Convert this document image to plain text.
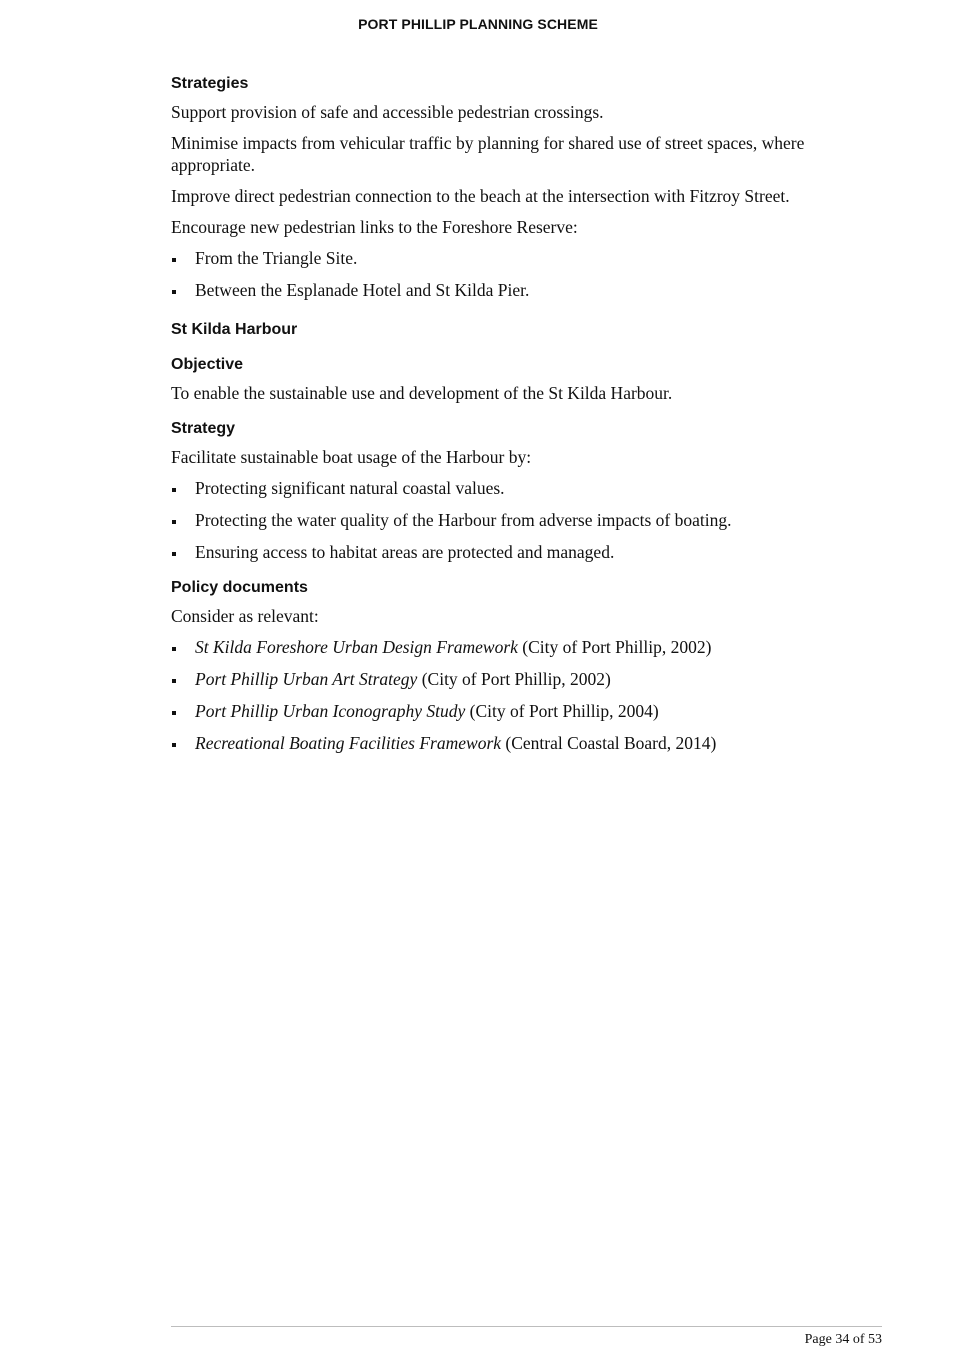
PORT PHILLIP PLANNING SCHEME
Strategies
Support provision of safe and accessible pedestrian crossings.
Minimise impacts from vehicular traffic by planning for shared use of street spaces, where appropriate.
Improve direct pedestrian connection to the beach at the intersection with Fitzroy Street.
Encourage new pedestrian links to the Foreshore Reserve:
From the Triangle Site.
Between the Esplanade Hotel and St Kilda Pier.
St Kilda Harbour
Objective
To enable the sustainable use and development of the St Kilda Harbour.
Strategy
Facilitate sustainable boat usage of the Harbour by:
Protecting significant natural coastal values.
Protecting the water quality of the Harbour from adverse impacts of boating.
Ensuring access to habitat areas are protected and managed.
Policy documents
Consider as relevant:
St Kilda Foreshore Urban Design Framework (City of Port Phillip, 2002)
Port Phillip Urban Art Strategy (City of Port Phillip, 2002)
Port Phillip Urban Iconography Study (City of Port Phillip, 2004)
Recreational Boating Facilities Framework (Central Coastal Board, 2014)
Page 34 of 53
